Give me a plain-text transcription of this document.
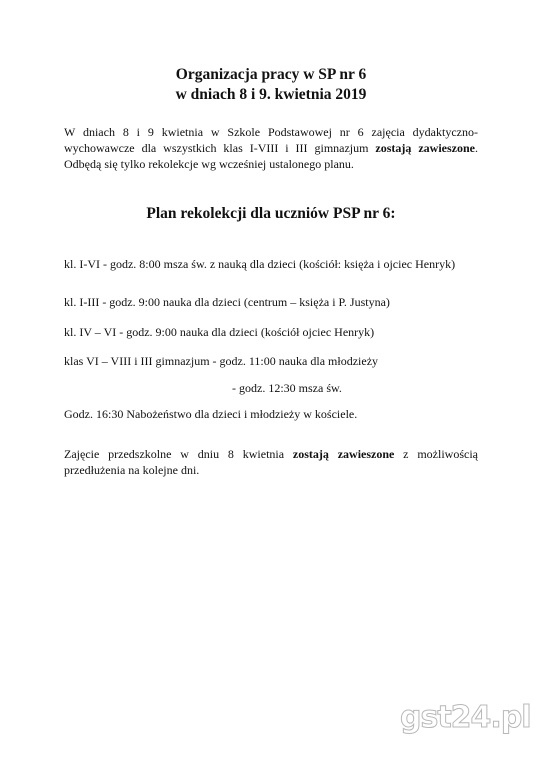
Organizacja pracy w SP nr 6
w dniach 8 i 9. kwietnia 2019
W dniach 8 i 9 kwietnia w Szkole Podstawowej nr 6 zajęcia dydaktyczno-wychowawcze dla wszystkich klas I-VIII i III gimnazjum zostają zawieszone. Odbędą się tylko rekolekcje wg wcześniej ustalonego planu.
Plan rekolekcji dla uczniów PSP nr 6:
kl. I-VI - godz. 8:00 msza św. z nauką dla dzieci (kościół: księża i ojciec Henryk)
kl. I-III - godz. 9:00 nauka dla dzieci (centrum – księża i P. Justyna)
kl. IV – VI - godz. 9:00 nauka dla dzieci (kościół ojciec Henryk)
klas VI – VIII i III gimnazjum - godz. 11:00 nauka dla młodzieży
- godz. 12:30 msza św.
Godz. 16:30 Nabożeństwo dla dzieci i młodzieży w kościele.
Zajęcie przedszkolne w dniu 8 kwietnia zostają zawieszone z możliwością przedłużenia na kolejne dni.
gst24.pl
